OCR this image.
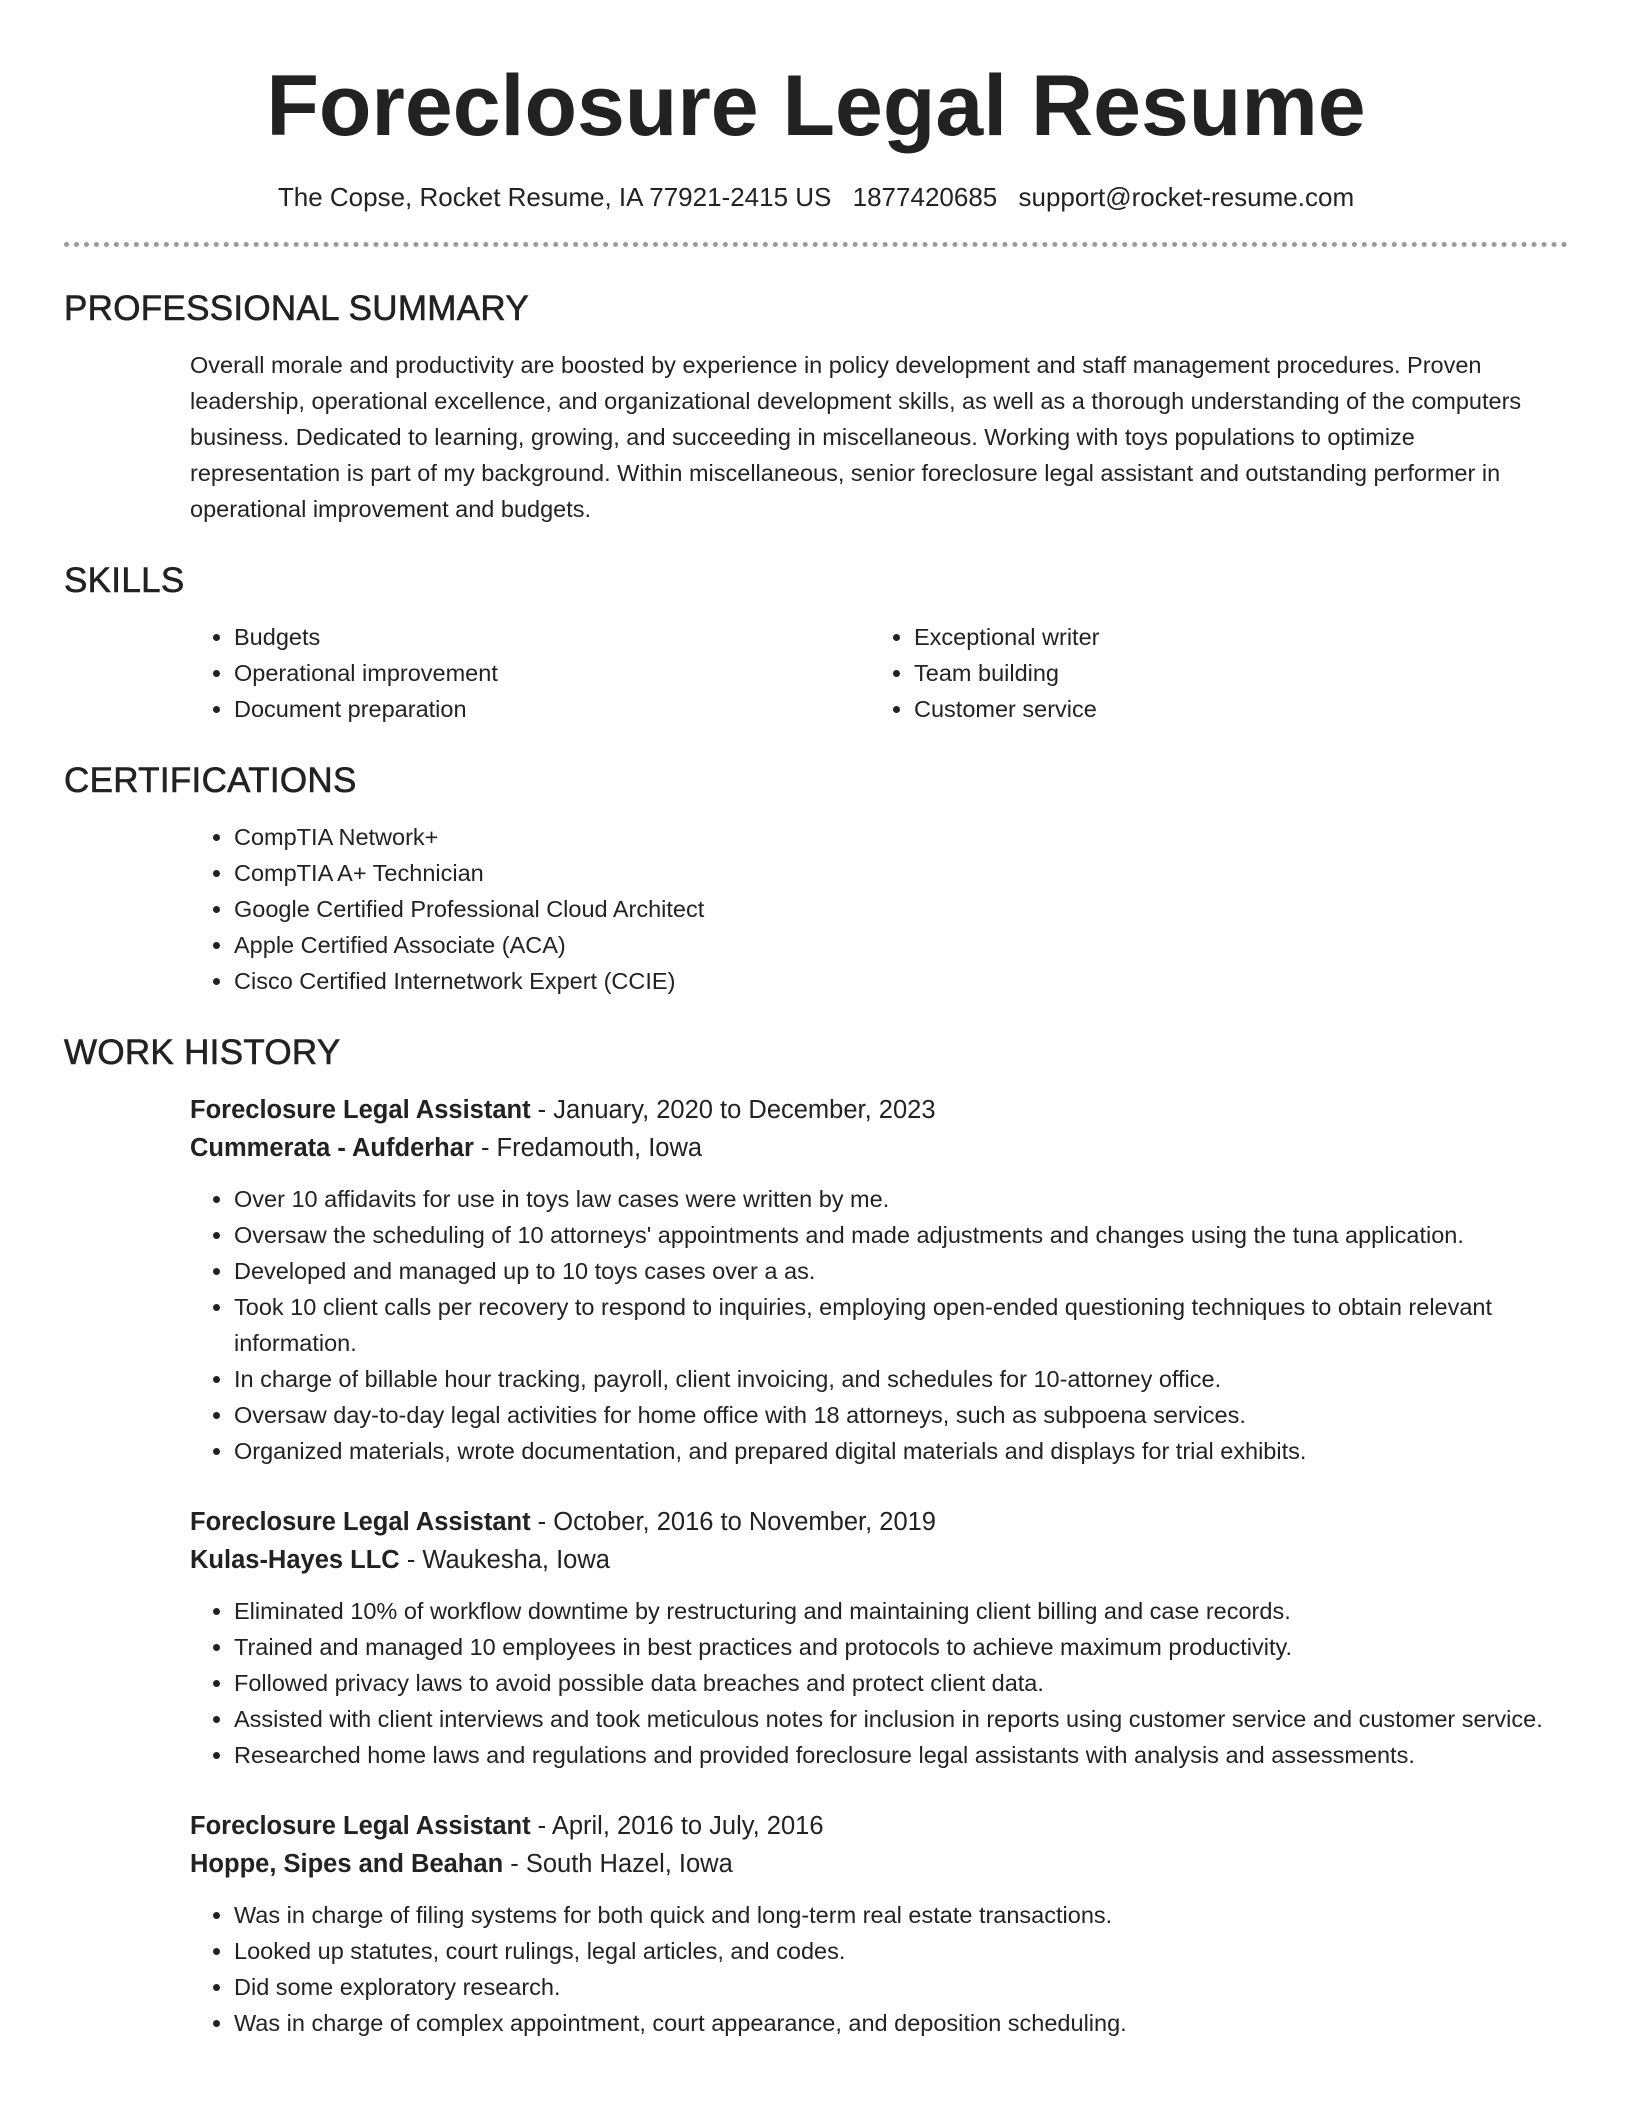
Foreclosure Legal Resume
The Copse, Rocket Resume, IA 77921-2415 US 1877420685 support@rocket-resume.com
PROFESSIONAL SUMMARY

Overall morale and productivity are boosted by experience in policy development and staff management procedures. Proven leadership, operational excellence, and organizational development skills, as well as a thorough understanding of the computers business. Dedicated to learning, growing, and succeeding in miscellaneous. Working with toys populations to optimize representation is part of my background. Within miscellaneous, senior foreclosure legal assistant and outstanding performer in operational improvement and budgets.

SKILLS
• Budgets
• Operational improvement
• Document preparation
• Exceptional writer
• Team building
• Customer service
CERTIFICATIONS
• CompTIA Network+
• CompTIA A+ Technician
• Google Certified Professional Cloud Architect
• Apple Certified Associate (ACA)
• Cisco Certified Internetwork Expert (CCIE)
WORK HISTORY
Foreclosure Legal Assistant - January, 2020 to December, 2023
Cummerata - Aufderhar - Fredamouth, Iowa
• Over 10 affidavits for use in toys law cases were written by me.
• Oversaw the scheduling of 10 attorneys' appointments and made adjustments and changes using the tuna application.
• Developed and managed up to 10 toys cases over a as.
• Took 10 client calls per recovery to respond to inquiries, employing open-ended questioning techniques to obtain relevant information.
• In charge of billable hour tracking, payroll, client invoicing, and schedules for 10-attorney office.
• Oversaw day-to-day legal activities for home office with 18 attorneys, such as subpoena services.
• Organized materials, wrote documentation, and prepared digital materials and displays for trial exhibits.
Foreclosure Legal Assistant - October, 2016 to November, 2019
Kulas-Hayes LLC - Waukesha, Iowa
• Eliminated 10% of workflow downtime by restructuring and maintaining client billing and case records.
• Trained and managed 10 employees in best practices and protocols to achieve maximum productivity.
• Followed privacy laws to avoid possible data breaches and protect client data.
• Assisted with client interviews and took meticulous notes for inclusion in reports using customer service and customer service.
• Researched home laws and regulations and provided foreclosure legal assistants with analysis and assessments.
Foreclosure Legal Assistant - April, 2016 to July, 2016
Hoppe, Sipes and Beahan - South Hazel, Iowa
• Was in charge of filing systems for both quick and long-term real estate transactions.
• Looked up statutes, court rulings, legal articles, and codes.
• Did some exploratory research.
• Was in charge of complex appointment, court appearance, and deposition scheduling.
